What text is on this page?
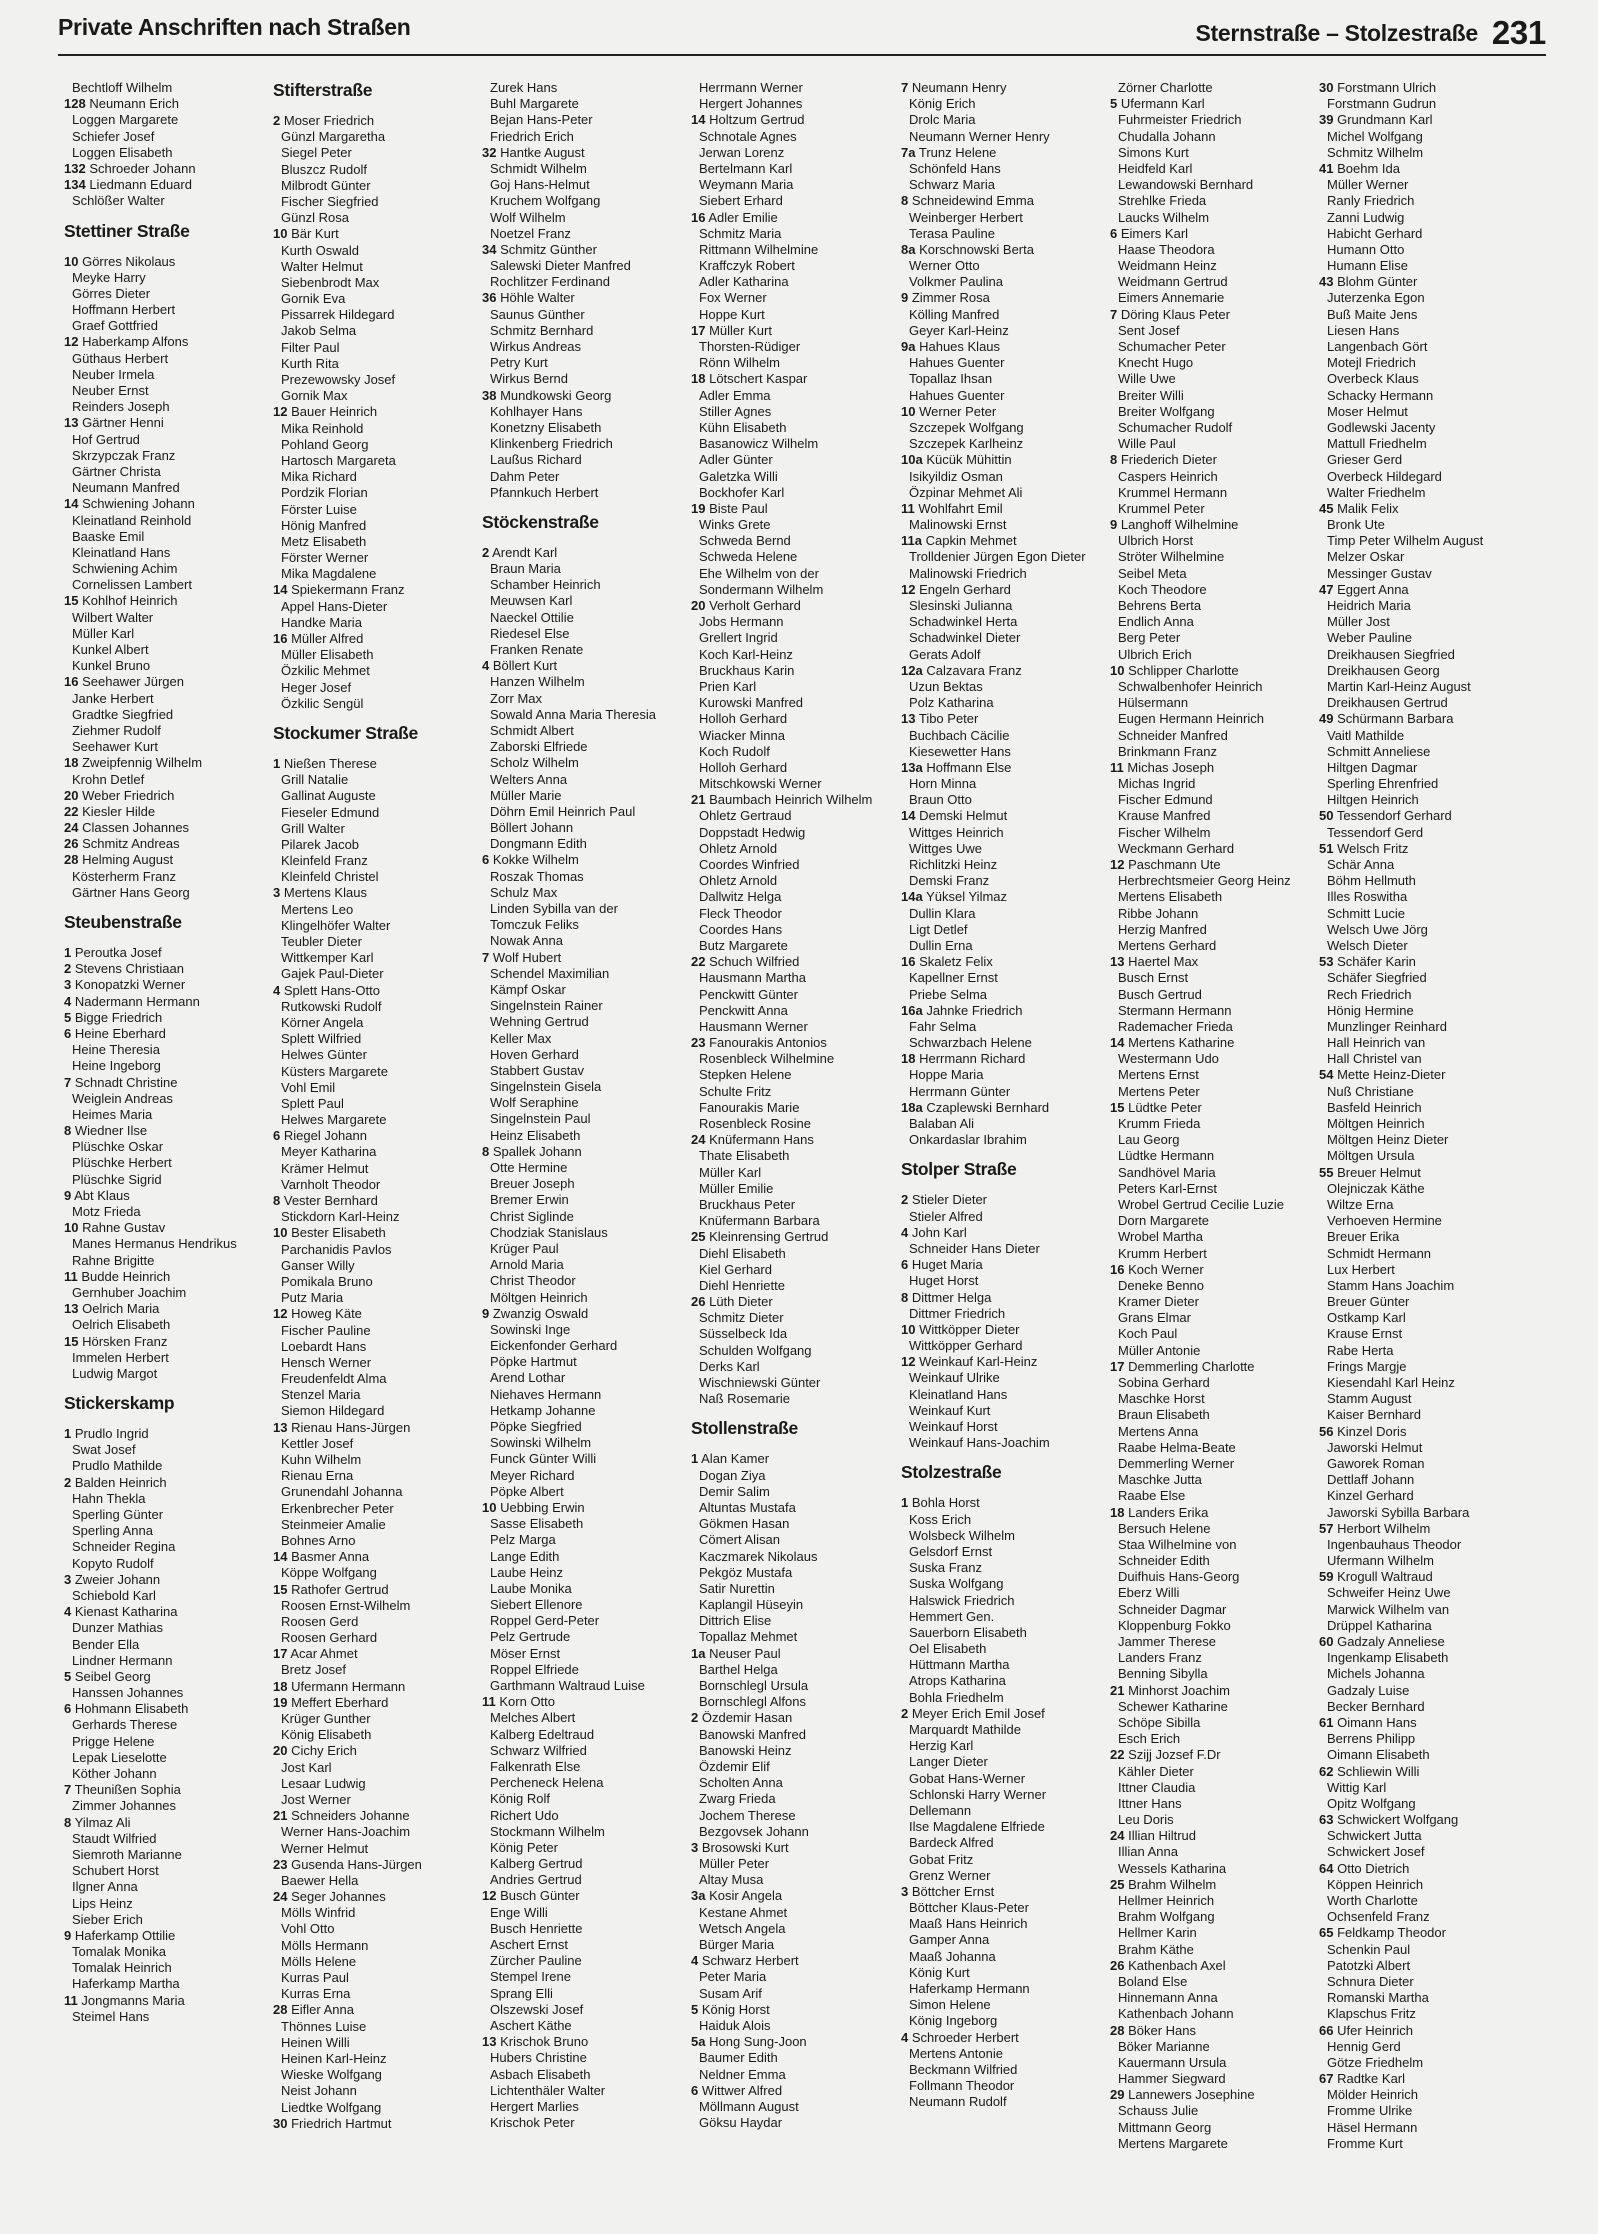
Private Anschriften nach Straßen	Sternstraße – Stolzestraße 231
Bechtloff Wilhelm
128 Neumann Erich
Loggen Margarete
Schiefer Josef
Loggen Elisabeth
132 Schroeder Johann
134 Liedmann Eduard
Schlößer Walter
Stettiner Straße
10 Görres Nikolaus
Meyke Harry
Görres Dieter
Hoffmann Herbert
Graef Gottfried
12 Haberkamp Alfons
Güthaus Herbert
Neuber Irmela
Neuber Ernst
Reinders Joseph
13 Gärtner Henni
Hof Gertrud
Skrzypczak Franz
Gärtner Christa
Neumann Manfred
14 Schwiening Johann
Kleinatland Reinhold
Baaske Emil
Kleinatland Hans
Schwiening Achim
Cornelissen Lambert
15 Kohlhof Heinrich
Wilbert Walter
Müller Karl
Kunkel Albert
Kunkel Bruno
16 Seehawer Jürgen
Janke Herbert
Gradtke Siegfried
Ziehmer Rudolf
Seehawer Kurt
18 Zweipfennig Wilhelm
Krohn Detlef
20 Weber Friedrich
22 Kiesler Hilde
24 Classen Johannes
26 Schmitz Andreas
28 Helming August
Kösterherm Franz
Gärtner Hans Georg
Steubenstraße
1 Peroutka Josef
2 Stevens Christiaan
3 Konopatzki Werner
4 Nadermann Hermann
5 Bigge Friedrich
6 Heine Eberhard
Heine Theresia
Heine Ingeborg
7 Schnadt Christine
Weiglein Andreas
Heimes Maria
8 Wiedner Ilse
Plüschke Oskar
Plüschke Herbert
Plüschke Sigrid
9 Abt Klaus
Motz Frieda
10 Rahne Gustav
Manes Hermanus Hendrikus
Rahne Brigitte
11 Budde Heinrich
Gernhuber Joachim
13 Oelrich Maria
Oelrich Elisabeth
15 Hörsken Franz
Immelen Herbert
Ludwig Margot
Stickerskamp
1 Prudlo Ingrid
Swat Josef
Prudlo Mathilde
2 Balden Heinrich
Hahn Thekla
Sperling Günter
Sperling Anna
Schneider Regina
Kopyto Rudolf
3 Zweier Johann
Schiebold Karl
4 Kienast Katharina
Dunzer Mathias
Bender Ella
Lindner Hermann
5 Seibel Georg
Hanssen Johannes
6 Hohmann Elisabeth
Gerhards Therese
Prigge Helene
Lepak Lieselotte
Köther Johann
7 Theunißen Sophia
Zimmer Johannes
8 Yilmaz Ali
Staudt Wilfried
Siemroth Marianne
Schubert Horst
Ilgner Anna
Lips Heinz
Sieber Erich
9 Haferkamp Ottilie
Tomalak Monika
Tomalak Heinrich
Haferkamp Martha
11 Jongmanns Maria
Steimel Hans
Stifterstraße
2 Moser Friedrich
Günzl Margaretha
Siegel Peter
Bluszcz Rudolf
Milbrodt Günter
Fischer Siegfried
Günzl Rosa
10 Bär Kurt
Kurth Oswald
Walter Helmut
Siebenbrodt Max
Gornik Eva
Pissarrek Hildegard
Jakob Selma
Filter Paul
Kurth Rita
Prezewowsky Josef
Gornik Max
12 Bauer Heinrich
Mika Reinhold
Pohland Georg
Hartosch Margareta
Mika Richard
Pordzik Florian
Förster Luise
Hönig Manfred
Metz Elisabeth
Förster Werner
Mika Magdalene
14 Spiekermann Franz
Appel Hans-Dieter
Handke Maria
16 Müller Alfred
Müller Elisabeth
Özkilic Mehmet
Heger Josef
Özkilic Sengül
Stockumer Straße
1 Nießen Therese
Grill Natalie
Gallinat Auguste
Fieseler Edmund
Grill Walter
Pilarek Jacob
Kleinfeld Franz
Kleinfeld Christel
3 Mertens Klaus
Mertens Leo
Klingelhöfer Walter
Teubler Dieter
Wittkemper Karl
Gajek Paul-Dieter
4 Splett Hans-Otto
Rutkowski Rudolf
Körner Angela
Splett Wilfried
Helwes Günter
Küsters Margarete
Vohl Emil
Splett Paul
Helwes Margarete
6 Riegel Johann
Meyer Katharina
Krämer Helmut
Varnholt Theodor
8 Vester Bernhard
Stickdorn Karl-Heinz
10 Bester Elisabeth
Parchanidis Pavlos
Ganser Willy
Pomikala Bruno
Putz Maria
12 Howeg Käte
Fischer Pauline
Loebardt Hans
Hensch Werner
Freudenfeldt Alma
Stenzel Maria
Siemon Hildegard
13 Rienau Hans-Jürgen
Kettler Josef
Kuhn Wilhelm
Rienau Erna
Grunendahl Johanna
Erkenbrecher Peter
Steinmeier Amalie
Bohnes Arno
14 Basmer Anna
Köppe Wolfgang
15 Rathofer Gertrud
Roosen Ernst-Wilhelm
Roosen Gerd
Roosen Gerhard
17 Acar Ahmet
Bretz Josef
18 Ufermann Hermann
19 Meffert Eberhard
Krüger Gunther
König Elisabeth
20 Cichy Erich
Jost Karl
Lesaar Ludwig
Jost Werner
21 Schneiders Johanne
Werner Hans-Joachim
Werner Helmut
23 Gusenda Hans-Jürgen
Baewer Hella
24 Seger Johannes
Mölls Winfrid
Vohl Otto
Mölls Hermann
Mölls Helene
Kurras Paul
Kurras Erna
28 Eifler Anna
Thönnes Luise
Heinen Willi
Heinen Karl-Heinz
Wieske Wolfgang
Neist Johann
Liedtke Wolfgang
30 Friedrich Hartmut
Zurek Hans
Buhl Margarete
Bejan Hans-Peter
Friedrich Erich
32 Hantke August
Schmidt Wilhelm
Goj Hans-Helmut
Kruchem Wolfgang
Wolf Wilhelm
Noetzel Franz
34 Schmitz Günther
Salewski Dieter Manfred
Rochlitzer Ferdinand
36 Höhle Walter
Saunus Günther
Schmitz Bernhard
Wirkus Andreas
Petry Kurt
Wirkus Bernd
38 Mundkowski Georg
Kohlhayer Hans
Konetzny Elisabeth
Klinkenberg Friedrich
Laußus Richard
Dahm Peter
Pfannkuch Herbert
Stöckenstraße
2 Arendt Karl
Braun Maria
Schamber Heinrich
Meuwsen Karl
Naeckel Ottilie
Riedesel Else
Franken Renate
4 Böllert Kurt
Hanzen Wilhelm
Zorr Max
Sowald Anna Maria Theresia
Schmidt Albert
Zaborski Elfriede
Scholz Wilhelm
Welters Anna
Müller Marie
Döhrn Emil Heinrich Paul
Böllert Johann
Dongmann Edith
6 Kokke Wilhelm
Roszak Thomas
Schulz Max
Linden Sybilla van der
Tomczuk Feliks
Nowak Anna
7 Wolf Hubert
Schendel Maximilian
Kämpf Oskar
Singelnstein Rainer
Wehning Gertrud
Keller Max
Hoven Gerhard
Stabbert Gustav
Singelnstein Gisela
Wolf Seraphine
Singelnstein Paul
Heinz Elisabeth
8 Spallek Johann
Otte Hermine
Breuer Joseph
Bremer Erwin
Christ Siglinde
Chodziak Stanislaus
Krüger Paul
Arnold Maria
Christ Theodor
Möltgen Heinrich
9 Zwanzig Oswald
Sowinski Inge
Eickenfonder Gerhard
Pöpke Hartmut
Arend Lothar
Niehaves Hermann
Hetkamp Johanne
Pöpke Siegfried
Sowinski Wilhelm
Funck Günter Willi
Meyer Richard
Pöpke Albert
10 Uebbing Erwin
Sasse Elisabeth
Pelz Marga
Lange Edith
Laube Heinz
Laube Monika
Siebert Ellenore
Roppel Gerd-Peter
Pelz Gertrude
Möser Ernst
Roppel Elfriede
Garthmann Waltraud Luise
11 Korn Otto
Melches Albert
Kalberg Edeltraud
Schwarz Wilfried
Falkenrath Else
Percheneck Helena
König Rolf
Richert Udo
Stockmann Wilhelm
König Peter
Kalberg Gertrud
Andries Gertrud
12 Busch Günter
Enge Willi
Busch Henriette
Aschert Ernst
Zürcher Pauline
Stempel Irene
Sprang Elli
Olszewski Josef
Aschert Käthe
13 Krischok Bruno
Hubers Christine
Asbach Elisabeth
Lichtenthäler Walter
Hergert Marlies
Krischok Peter
Herrmann Werner
Hergert Johannes
14 Holtzum Gertrud
Schnotale Agnes
Jerwan Lorenz
Bertelmann Karl
Weymann Maria
Siebert Erhard
16 Adler Emilie
Schmitz Maria
Rittmann Wilhelmine
Kraffczyk Robert
Adler Katharina
Fox Werner
Hoppe Kurt
17 Müller Kurt
Thorsten-Rüdiger
Rönn Wilhelm
18 Lötschert Kaspar
Adler Emma
Stiller Agnes
Kühn Elisabeth
Basanowicz Wilhelm
Adler Günter
Galetzka Willi
Bockhofer Karl
19 Biste Paul
Winks Grete
Schweda Bernd
Schweda Helene
Ehe Wilhelm von der
Sondermann Wilhelm
20 Verholt Gerhard
Jobs Hermann
Grellert Ingrid
Koch Karl-Heinz
Bruckhaus Karin
Prien Karl
Kurowski Manfred
Holloh Gerhard
Wiacker Minna
Koch Rudolf
Holloh Gerhard
Mitschkowski Werner
21 Baumbach Heinrich Wilhelm
Ohletz Gertraud
Doppstadt Hedwig
Ohletz Arnold
Coordes Winfried
Ohletz Arnold
Dallwitz Helga
Fleck Theodor
Coordes Hans
Butz Margarete
22 Schuch Wilfried
Hausmann Martha
Penckwitt Günter
Penckwitt Anna
Hausmann Werner
23 Fanourakis Antonios
Rosenbleck Wilhelmine
Stepken Helene
Schulte Fritz
Fanourakis Marie
Rosenbleck Rosine
24 Knüfermann Hans
Thate Elisabeth
Müller Karl
Müller Emilie
Bruckhaus Peter
Knüfermann Barbara
25 Kleinrensing Gertrud
Diehl Elisabeth
Kiel Gerhard
Diehl Henriette
26 Lüth Dieter
Schmitz Dieter
Süsselbeck Ida
Schulden Wolfgang
Derks Karl
Wischniewski Günter
Naß Rosemarie
Stollenstraße
1 Alan Kamer
Dogan Ziya
Demir Salim
Altuntas Mustafa
Gökmen Hasan
Cömert Alisan
Kaczmarek Nikolaus
Pekgöz Mustafa
Satir Nurettin
Kaplangil Hüseyin
Dittrich Elise
Topallaz Mehmet
1a Neuser Paul
Barthel Helga
Bornschlegl Ursula
Bornschlegl Alfons
2 Özdemir Hasan
Banowski Manfred
Banowski Heinz
Özdemir Elif
Scholten Anna
Zwarg Frieda
Jochem Therese
Bezgovsek Johann
3 Brosowski Kurt
Müller Peter
Altay Musa
3a Kosir Angela
Kestane Ahmet
Wetsch Angela
Bürger Maria
4 Schwarz Herbert
Peter Maria
Susam Arif
5 König Horst
Haiduk Alois
5a Hong Sung-Joon
Baumer Edith
Neldner Emma
6 Wittwer Alfred
Möllmann August
Göksu Haydar
7 Neumann Henry
König Erich
Drolc Maria
Neumann Werner Henry
7a Trunz Helene
Schönfeld Hans
Schwarz Maria
8 Schneidewind Emma
Weinberger Herbert
Terasa Pauline
8a Korschnowski Berta
Werner Otto
Volkmer Paulina
9 Zimmer Rosa
Kölling Manfred
Geyer Karl-Heinz
9a Hahues Klaus
Hahues Guenter
Topallaz Ihsan
Hahues Guenter
10 Werner Peter
Szczepek Wolfgang
Szczepek Karlheinz
10a Kücük Mühittin
Isikyildiz Osman
Özpinar Mehmet Ali
11 Wohlfahrt Emil
Malinowski Ernst
11a Capkin Mehmet
Trolldenier Jürgen Egon Dieter
Malinowski Friedrich
12 Engeln Gerhard
Slesinski Julianna
Schadwinkel Herta
Schadwinkel Dieter
Gerats Adolf
12a Calzavara Franz
Uzun Bektas
Polz Katharina
13 Tibo Peter
Buchbach Cäcilie
Kiesewetter Hans
13a Hoffmann Else
Horn Minna
Braun Otto
14 Demski Helmut
Wittges Heinrich
Wittges Uwe
Richlitzki Heinz
Demski Franz
14a Yüksel Yilmaz
Dullin Klara
Ligt Detlef
Dullin Erna
16 Skaletz Felix
Kapellner Ernst
Priebe Selma
16a Jahnke Friedrich
Fahr Selma
Schwarzbach Helene
18 Herrmann Richard
Hoppe Maria
Herrmann Günter
18a Czaplewski Bernhard
Balaban Ali
Onkardaslar Ibrahim
Stolper Straße
2 Stieler Dieter
Stieler Alfred
4 John Karl
Schneider Hans Dieter
6 Huget Maria
Huget Horst
8 Dittmer Helga
Dittmer Friedrich
10 Wittköpper Dieter
Wittköpper Gerhard
12 Weinkauf Karl-Heinz
Weinkauf Ulrike
Kleinatland Hans
Weinkauf Kurt
Weinkauf Horst
Weinkauf Hans-Joachim
Stolzestraße
1 Bohla Horst
Koss Erich
Wolsbeck Wilhelm
Gelsdorf Ernst
Suska Franz
Suska Wolfgang
Halswick Friedrich
Hemmert Gen.
Sauerborn Elisabeth
Oel Elisabeth
Hüttmann Martha
Atrops Katharina
Bohla Friedhelm
2 Meyer Erich Emil Josef
Marquardt Mathilde
Herzig Karl
Langer Dieter
Gobat Hans-Werner
Schlonski Harry Werner
Dellemann
Ilse Magdalene Elfriede
Bardeck Alfred
Gobat Fritz
Grenz Werner
3 Böttcher Ernst
Böttcher Klaus-Peter
Maaß Hans Heinrich
Gamper Anna
Maaß Johanna
König Kurt
Haferkamp Hermann
Simon Helene
König Ingeborg
4 Schroeder Herbert
Mertens Antonie
Beckmann Wilfried
Follmann Theodor
Neumann Rudolf
Zörner Charlotte
5 Ufermann Karl
Fuhrmeister Friedrich
Chudalla Johann
Simons Kurt
Heidfeld Karl
Lewandowski Bernhard
Strehlke Frieda
Laucks Wilhelm
6 Eimers Karl
Haase Theodora
Weidmann Heinz
Weidmann Gertrud
Eimers Annemarie
7 Döring Klaus Peter
Sent Josef
Schumacher Peter
Knecht Hugo
Wille Uwe
Breiter Willi
Breiter Wolfgang
Schumacher Rudolf
Wille Paul
8 Friederich Dieter
Caspers Heinrich
Krummel Hermann
Krummel Peter
9 Langhoff Wilhelmine
Ulbrich Horst
Ströter Wilhelmine
Seibel Meta
Koch Theodore
Behrens Berta
Endlich Anna
Berg Peter
Ulbrich Erich
10 Schlipper Charlotte
Schwalbenhofer Heinrich
Hülsermann
Eugen Hermann Heinrich
Schneider Manfred
Brinkmann Franz
11 Michas Joseph
Michas Ingrid
Fischer Edmund
Krause Manfred
Fischer Wilhelm
Weckmann Gerhard
12 Paschmann Ute
Herbrechtsmeier Georg Heinz
Mertens Elisabeth
Ribbe Johann
Herzig Manfred
Mertens Gerhard
13 Haertel Max
Busch Ernst
Busch Gertrud
Stermann Hermann
Rademacher Frieda
14 Mertens Katharine
Westermann Udo
Mertens Ernst
Mertens Peter
15 Lüdtke Peter
Krumm Frieda
Lau Georg
Lüdtke Hermann
Sandhövel Maria
Peters Karl-Ernst
Wrobel Gertrud Cecilie Luzie
Dorn Margarete
Wrobel Martha
Krumm Herbert
16 Koch Werner
Deneke Benno
Kramer Dieter
Grans Elmar
Koch Paul
Müller Antonie
17 Demmerling Charlotte
Sobina Gerhard
Maschke Horst
Braun Elisabeth
Mertens Anna
Raabe Helma-Beate
Demmerling Werner
Maschke Jutta
Raabe Else
18 Landers Erika
Bersuch Helene
Staa Wilhelmine von
Schneider Edith
Duifhuis Hans-Georg
Eberz Willi
Schneider Dagmar
Kloppenburg Fokko
Jammer Therese
Landers Franz
Benning Sibylla
21 Minhorst Joachim
Schewer Katharine
Schöpe Sibilla
Esch Erich
22 Szijj Jozsef F.Dr
Kähler Dieter
Ittner Claudia
Ittner Hans
Leu Doris
24 Illian Hiltrud
Illian Anna
Wessels Katharina
25 Brahm Wilhelm
Hellmer Heinrich
Brahm Wolfgang
Hellmer Karin
Brahm Käthe
26 Kathenbach Axel
Boland Else
Hinnemann Anna
Kathenbach Johann
28 Böker Hans
Böker Marianne
Kauermann Ursula
Hammer Siegward
29 Lannewers Josephine
Schauss Julie
Mittmann Georg
Mertens Margarete
30 Forstmann Ulrich
Forstmann Gudrun
39 Grundmann Karl
Michel Wolfgang
Schmitz Wilhelm
41 Boehm Ida
Müller Werner
Ranly Friedrich
Zanni Ludwig
Habicht Gerhard
Humann Otto
Humann Elise
43 Blohm Günter
Juterzenka Egon
Buß Maite Jens
Liesen Hans
Langenbach Gört
Motejl Friedrich
Overbeck Klaus
Schacky Hermann
Moser Helmut
Godlewski Jacenty
Mattull Friedhelm
Grieser Gerd
Overbeck Hildegard
Walter Friedhelm
45 Malik Felix
Bronk Ute
Timp Peter Wilhelm August
Melzer Oskar
Messinger Gustav
47 Eggert Anna
Heidrich Maria
Müller Jost
Weber Pauline
Dreikhausen Siegfried
Dreikhausen Georg
Martin Karl-Heinz August
Dreikhausen Gertrud
49 Schürmann Barbara
Vaitl Mathilde
Schmitt Anneliese
Hiltgen Dagmar
Sperling Ehrenfried
Hiltgen Heinrich
50 Tessendorf Gerhard
Tessendorf Gerd
51 Welsch Fritz
Schär Anna
Böhm Hellmuth
Illes Roswitha
Schmitt Lucie
Welsch Uwe Jörg
Welsch Dieter
53 Schäfer Karin
Schäfer Siegfried
Rech Friedrich
Hönig Hermine
Munzlinger Reinhard
Hall Heinrich van
Hall Christel van
54 Mette Heinz-Dieter
Nuß Christiane
Basfeld Heinrich
Möltgen Heinrich
Möltgen Heinz Dieter
Möltgen Ursula
55 Breuer Helmut
Olejniczak Käthe
Wiltze Erna
Verhoeven Hermine
Breuer Erika
Schmidt Hermann
Lux Herbert
Stamm Hans Joachim
Breuer Günter
Ostkamp Karl
Krause Ernst
Rabe Herta
Frings Margje
Kiesendahl Karl Heinz
Stamm August
Kaiser Bernhard
56 Kinzel Doris
Jaworski Helmut
Gaworek Roman
Dettlaff Johann
Kinzel Gerhard
Jaworski Sybilla Barbara
57 Herbort Wilhelm
Ingenbauhaus Theodor
Ufermann Wilhelm
59 Krogull Waltraud
Schweifer Heinz Uwe
Marwick Wilhelm van
Drüppel Katharina
60 Gadzaly Anneliese
Ingenkamp Elisabeth
Michels Johanna
Gadzaly Luise
Becker Bernhard
61 Oimann Hans
Berrens Philipp
Oimann Elisabeth
62 Schliewin Willi
Wittig Karl
Opitz Wolfgang
63 Schwickert Wolfgang
Schwickert Jutta
Schwickert Josef
64 Otto Dietrich
Köppen Heinrich
Worth Charlotte
Ochsenfeld Franz
65 Feldkamp Theodor
Schenkin Paul
Patotzki Albert
Schnura Dieter
Romanski Martha
Klapschus Fritz
66 Ufer Heinrich
Hennig Gerd
Götze Friedhelm
67 Radtke Karl
Mölder Heinrich
Fromme Ulrike
Häsel Hermann
Fromme Kurt
